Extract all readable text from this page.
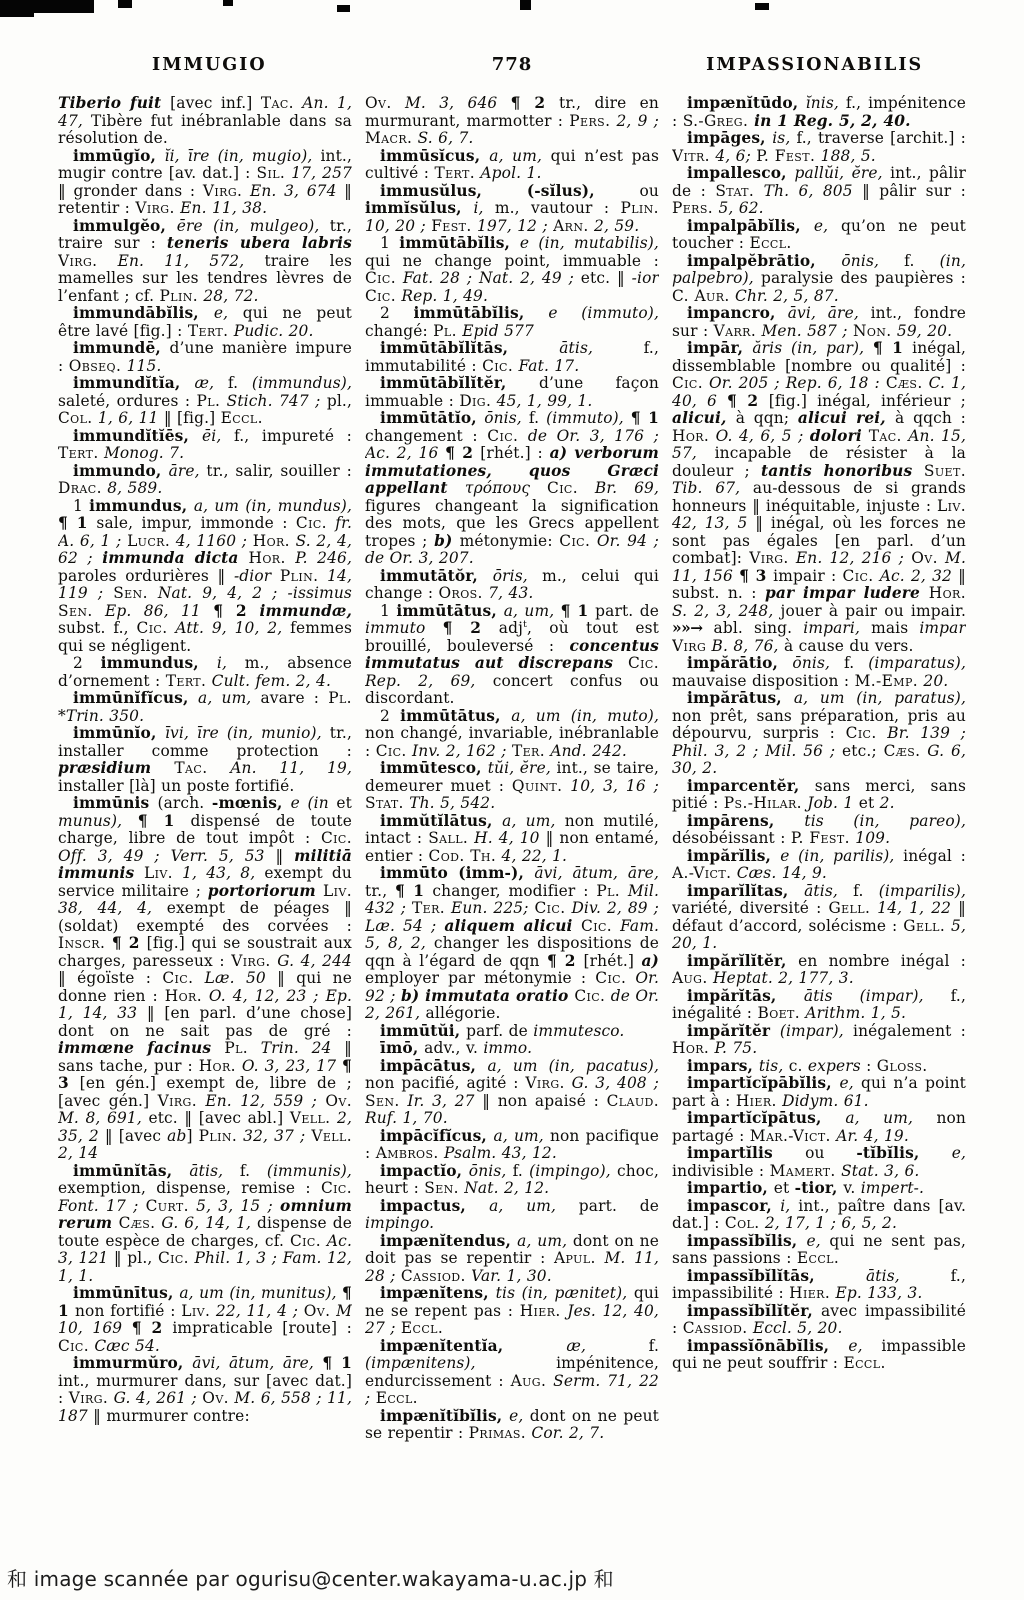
IMMUGIO	778	IMPASSIONABILIS

Tiberio fuit [avec inf.] Tac. An. 1, 47, Tibère fut inébranlable dans sa résolution de.

immūgĭo, ĭi, īre (in, mugio), int., mugir contre [av. dat.] : Sil. 17, 257 ‖ gronder dans : Virg. En. 3, 674 ‖ retentir : Virg. En. 11, 38.

immulgĕo, ēre (in, mulgeo), tr., traire sur : teneris ubera labris Virg. En. 11, 572, traire les mamelles sur les tendres lèvres de l’enfant ; cf. Plin. 28, 72.

immundābĭlis, e, qui ne peut être lavé [fig.] : Tert. Pudic. 20.

immundē, d’une manière impure : Obseq. 115.

immundĭtĭa, æ, f. (immundus), saleté, ordures : Pl. Stich. 747 ; pl., Col. 1, 6, 11 ‖ [fig.] Eccl.

immundĭtĭēs, ēi, f., impureté : Tert. Monog. 7.

immundo, āre, tr., salir, souiller : Drac. 8, 589.

1 immundus, a, um (in, mundus), ¶ 1 sale, impur, immonde : Cic. fr. A. 6, 1 ; Lucr. 4, 1160 ; Hor. S. 2, 4, 62 ; immunda dicta Hor. P. 246, paroles ordurières ‖ -dior Plin. 14, 119 ; Sen. Nat. 9, 4, 2 ; -issimus Sen. Ep. 86, 11 ¶ 2 immundæ, subst. f., Cic. Att. 9, 10, 2, femmes qui se négligent.

2 immundus, i, m., absence d’ornement : Tert. Cult. fem. 2, 4.

immūnĭfĭcus, a, um, avare : Pl. *Trin. 350.

immūnĭo, īvi, īre (in, munio), tr., installer comme protection : præsidium Tac. An. 11, 19, installer [là] un poste fortifié.

immūnis (arch. -mœnis, e (in et munus), ¶ 1 dispensé de toute charge, libre de tout impôt : Cic. Off. 3, 49 ; Verr. 5, 53 ‖ militiā immunis Liv. 1, 43, 8, exempt du service militaire ; portoriorum Liv. 38, 44, 4, exempt de péages ‖ (soldat) exempté des corvées : Inscr. ¶ 2 [fig.] qui se soustrait aux charges, paresseux : Virg. G. 4, 244 ‖ égoïste : Cic. Læ. 50 ‖ qui ne donne rien : Hor. O. 4, 12, 23 ; Ep. 1, 14, 33 ‖ [en parl. d’une chose] dont on ne sait pas de gré : immœne facinus Pl. Trin. 24 ‖ sans tache, pur : Hor. O. 3, 23, 17 ¶ 3 [en gén.] exempt de, libre de ; [avec gén.] Virg. En. 12, 559 ; Ov. M. 8, 691, etc. ‖ [avec abl.] Vell. 2, 35, 2 ‖ [avec ab] Plin. 32, 37 ; Vell. 2, 14

immūnĭtās, ātis, f. (immunis), exemption, dispense, remise : Cic. Font. 17 ; Curt. 5, 3, 15 ; omnium rerum Cæs. G. 6, 14, 1, dispense de toute espèce de charges, cf. Cic. Ac. 3, 121 ‖ pl., Cic. Phil. 1, 3 ; Fam. 12, 1, 1.

immūnītus, a, um (in, munitus), ¶ 1 non fortifié : Liv. 22, 11, 4 ; Ov. M 10, 169 ¶ 2 impraticable [route] : Cic. Cæc 54.

immurmŭro, āvi, ātum, āre, ¶ 1 int., murmurer dans, sur [avec dat.] : Virg. G. 4, 261 ; Ov. M. 6, 558 ; 11, 187 ‖ murmurer contre:

Ov. M. 3, 646 ¶ 2 tr., dire en murmurant, marmotter : Pers. 2, 9 ; Macr. S. 6, 7.

immūsĭcus, a, um, qui n’est pas cultivé : Tert. Apol. 1.

immusŭlus, (-sĭlus), ou immĭsŭlus, i, m., vautour : Plin. 10, 20 ; Fest. 197, 12 ; Arn. 2, 59.

1 immūtābĭlis, e (in, mutabilis), qui ne change point, immuable : Cic. Fat. 28 ; Nat. 2, 49 ; etc. ‖ -ior Cic. Rep. 1, 49.

2 immūtābĭlis, e (immuto), changé: Pl. Epid 577

immūtābĭlĭtās, ātis, f., immutabilité : Cic. Fat. 17.

immūtābĭlĭtĕr, d’une façon immuable : Dig. 45, 1, 99, 1.

immūtātĭo, ōnis, f. (immuto), ¶ 1 changement : Cic. de Or. 3, 176 ; Ac. 2, 16 ¶ 2 [rhét.] : a) verborum immutationes, quos Græci appellant τρόπους Cic. Br. 69, figures changeant la signification des mots, que les Grecs appellent tropes ; b) métonymie: Cic. Or. 94 ; de Or. 3, 207.

immutātŏr, ōris, m., celui qui change : Oros. 7, 43.

1 immūtātus, a, um, ¶ 1 part. de immuto ¶ 2 adj$^t$, où tout est brouillé, bouleversé : concentus immutatus aut discrepans Cic. Rep. 2, 69, concert confus ou discordant.

2 immūtātus, a, um (in, muto), non changé, invariable, inébranlable : Cic. Inv. 2, 162 ; Ter. And. 242.

immūtesco, tŭi, ĕre, int., se taire, demeurer muet : Quint. 10, 3, 16 ; Stat. Th. 5, 542.

immŭtĭlātus, a, um, non mutilé, intact : Sall. H. 4, 10 ‖ non entamé, entier : Cod. Th. 4, 22, 1.

immūto (imm-), āvi, ātum, āre, tr., ¶ 1 changer, modifier : Pl. Mil. 432 ; Ter. Eun. 225; Cic. Div. 2, 89 ; Læ. 54 ; aliquem alicui Cic. Fam. 5, 8, 2, changer les dispositions de qqn à l’égard de qqn ¶ 2 [rhét.] a) employer par métonymie : Cic. Or. 92 ; b) immutata oratio Cic. de Or. 2, 261, allégorie.

immūtŭi, parf. de immutesco.

īmō, adv., v. immo.

impācātus, a, um (in, pacatus), non pacifié, agité : Virg. G. 3, 408 ; Sen. Ir. 3, 27 ‖ non apaisé : Claud. Ruf. 1, 70.

impācĭfĭcus, a, um, non pacifique : Ambros. Psalm. 43, 12.

impactĭo, ōnis, f. (impingo), choc, heurt : Sen. Nat. 2, 12.

impactus, a, um, part. de impingo.

impænĭtendus, a, um, dont on ne doit pas se repentir : Apul. M. 11, 28 ; Cassiod. Var. 1, 30.

impænĭtens, tis (in, pænitet), qui ne se repent pas : Hier. Jes. 12, 40, 27 ; Eccl.

impænĭtentĭa, æ, f. (impænitens), impénitence, endurcissement : Aug. Serm. 71, 22 ; Eccl.

impænĭtĭbĭlis, e, dont on ne peut se repentir : Primas. Cor. 2, 7.

impænĭtūdo, ĭnis, f., impénitence : S.-Greg. in 1 Reg. 5, 2, 40.

impāges, is, f., traverse [archit.] : Vitr. 4, 6; P. Fest. 188, 5.

impallesco, pallŭi, ĕre, int., pâlir de : Stat. Th. 6, 805 ‖ pâlir sur : Pers. 5, 62.

impalpābĭlis, e, qu’on ne peut toucher : Eccl.

impalpĕbrātio, ōnis, f. (in, palpebro), paralysie des paupières : C. Aur. Chr. 2, 5, 87.

impancro, āvi, āre, int., fondre sur : Varr. Men. 587 ; Non. 59, 20.

impār, ăris (in, par), ¶ 1 inégal, dissemblable [nombre ou qualité] : Cic. Or. 205 ; Rep. 6, 18 : Cæs. C. 1, 40, 6 ¶ 2 [fig.] inégal, inférieur ; alicui, à qqn; alicui rei, à qqch : Hor. O. 4, 6, 5 ; dolori Tac. An. 15, 57, incapable de résister à la douleur ; tantis honoribus Suet. Tib. 67, au-dessous de si grands honneurs ‖ inéquitable, injuste : Liv. 42, 13, 5 ‖ inégal, où les forces ne sont pas égales [en parl. d’un combat]: Virg. En. 12, 216 ; Ov. M. 11, 156 ¶ 3 impair : Cic. Ac. 2, 32 ‖ subst. n. : par impar ludere Hor. S. 2, 3, 248, jouer à pair ou impair. »»→ abl. sing. impari, mais impar Virg B. 8, 76, à cause du vers.

impărātio, ōnis, f. (imparatus), mauvaise disposition : M.-Emp. 20.

impărātus, a, um (in, paratus), non prêt, sans préparation, pris au dépourvu, surpris : Cic. Br. 139 ; Phil. 3, 2 ; Mil. 56 ; etc.; Cæs. G. 6, 30, 2.

imparcentĕr, sans merci, sans pitié : Ps.-Hilar. Job. 1 et 2.

impārens, tis (in, pareo), désobéissant : P. Fest. 109.

impărĭlis, e (in, parilis), inégal : A.-Vict. Cæs. 14, 9.

imparĭlĭtas, ātis, f. (imparilis), variété, diversité : Gell. 14, 1, 22 ‖ défaut d’accord, solécisme : Gell. 5, 20, 1.

impărĭlĭtĕr, en nombre inégal : Aug. Heptat. 2, 177, 3.

impărĭtās, ātis (impar), f., inégalité : Boet. Arithm. 1, 5.

impărĭtĕr (impar), inégalement : Hor. P. 75.

impars, tis, c. expers : Gloss.

impartĭcĭpābĭlis, e, qui n’a point part à : Hier. Didym. 61.

impartĭcĭpātus, a, um, non partagé : Mar.-Vict. Ar. 4, 19.

impartĭlis ou -tĭbĭlis, e, indivisible : Mamert. Stat. 3, 6.

impartio, et -tior, v. impert-.

impascor, i, int., paître dans [av. dat.] : Col. 2, 17, 1 ; 6, 5, 2.

impassĭbĭlis, e, qui ne sent pas, sans passions : Eccl.

impassĭbĭlĭtās, ātis, f., impassibilité : Hier. Ep. 133, 3.

impassĭbĭlĭtĕr, avec impassibilité : Cassiod. Eccl. 5, 20.

impassĭōnābĭlis, e, impassible qui ne peut souffrir : Eccl.

和 image scannée par ogurisu@center.wakayama-u.ac.jp 和
